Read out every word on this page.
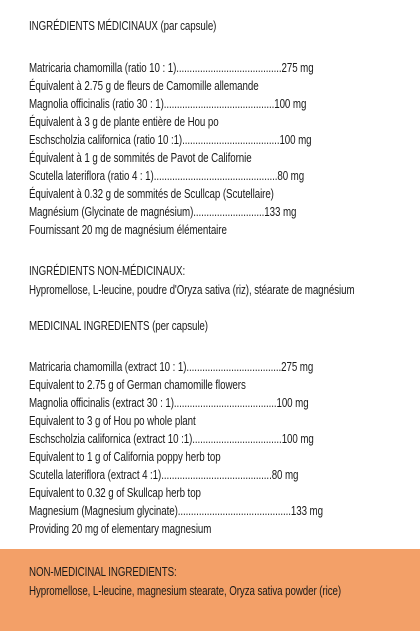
INGRÉDIENTS MÉDICINAUX (par capsule)
Matricaria chamomilla (ratio 10 : 1)........................................275 mg
Équivalent à 2.75 g de fleurs de Camomille allemande
Magnolia officinalis (ratio 30 : 1)..........................................100 mg
Équivalent à 3 g de plante entière de Hou po
Eschscholzia californica (ratio 10 :1).....................................100 mg
Équivalent à 1 g de sommités de Pavot de Californie
Scutella lateriflora (ratio 4 : 1)...............................................80 mg
Équivalent à 0.32 g de sommités de Scullcap (Scutellaire)
Magnésium (Glycinate de magnésium)...........................133 mg
Fournissant 20 mg de magnésium élémentaire
INGRÉDIENTS NON-MÉDICINAUX:
Hypromellose, L-leucine, poudre d'Oryza sativa (riz), stéarate de magnésium
MEDICINAL INGREDIENTS (per capsule)
Matricaria chamomilla (extract 10 : 1)....................................275 mg
Equivalent to 2.75 g of German chamomille flowers
Magnolia officinalis (extract 30 : 1).......................................100 mg
Equivalent to 3 g of Hou po whole plant
Eschscholzia californica (extract 10 :1)..................................100 mg
Equivalent to 1 g of California poppy herb top
Scutella lateriflora (extract 4 :1)..........................................80 mg
Equivalent to 0.32 g of Skullcap herb top
Magnesium (Magnesium glycinate)...........................................133 mg
Providing 20 mg of elementary magnesium
NON-MEDICINAL INGREDIENTS:
Hypromellose, L-leucine, magnesium stearate, Oryza sativa powder (rice)
